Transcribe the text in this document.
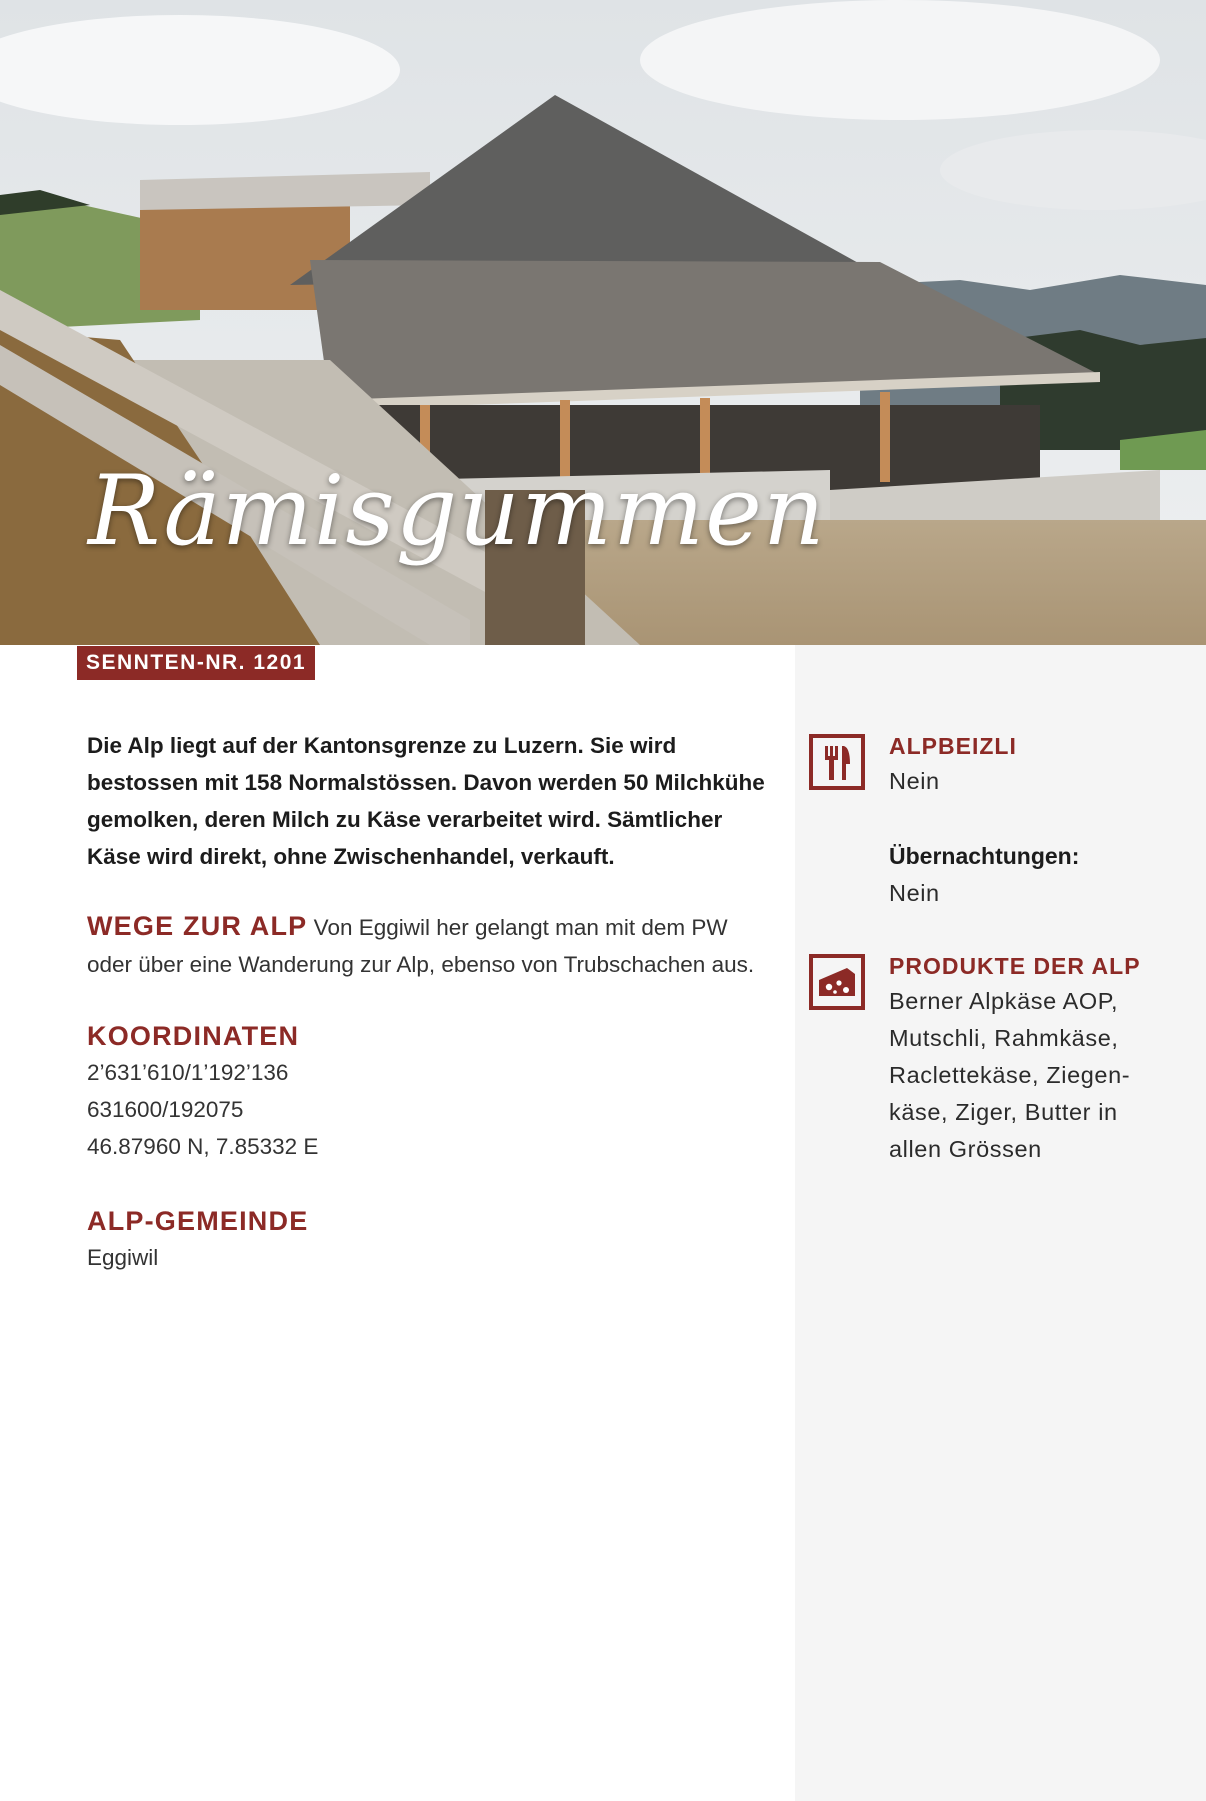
Rämisgummen
SENNTEN-NR. 1201
Die Alp liegt auf der Kantonsgrenze zu Luzern. Sie wird bestossen mit 158 Normalstössen. Davon werden 50 Milchkühe gemolken, deren Milch zu Käse verarbeitet wird. Sämtlicher Käse wird direkt, ohne Zwischenhandel, verkauft.
WEGE ZUR ALP Von Eggiwil her gelangt man mit dem PW oder über eine Wanderung zur Alp, ebenso von Trubschachen aus.
KOORDINATEN
2’631’610/1’192’136
631600/192075
46.87960 N, 7.85332 E
ALP-GEMEINDE
Eggiwil
ALPBEIZLI
Nein
Übernachtungen:
Nein
PRODUKTE DER ALP
Berner Alpkäse AOP,
Mutschli, Rahmkäse,
Raclettekäse, Ziegen-
käse, Ziger, Butter in
allen Grössen
